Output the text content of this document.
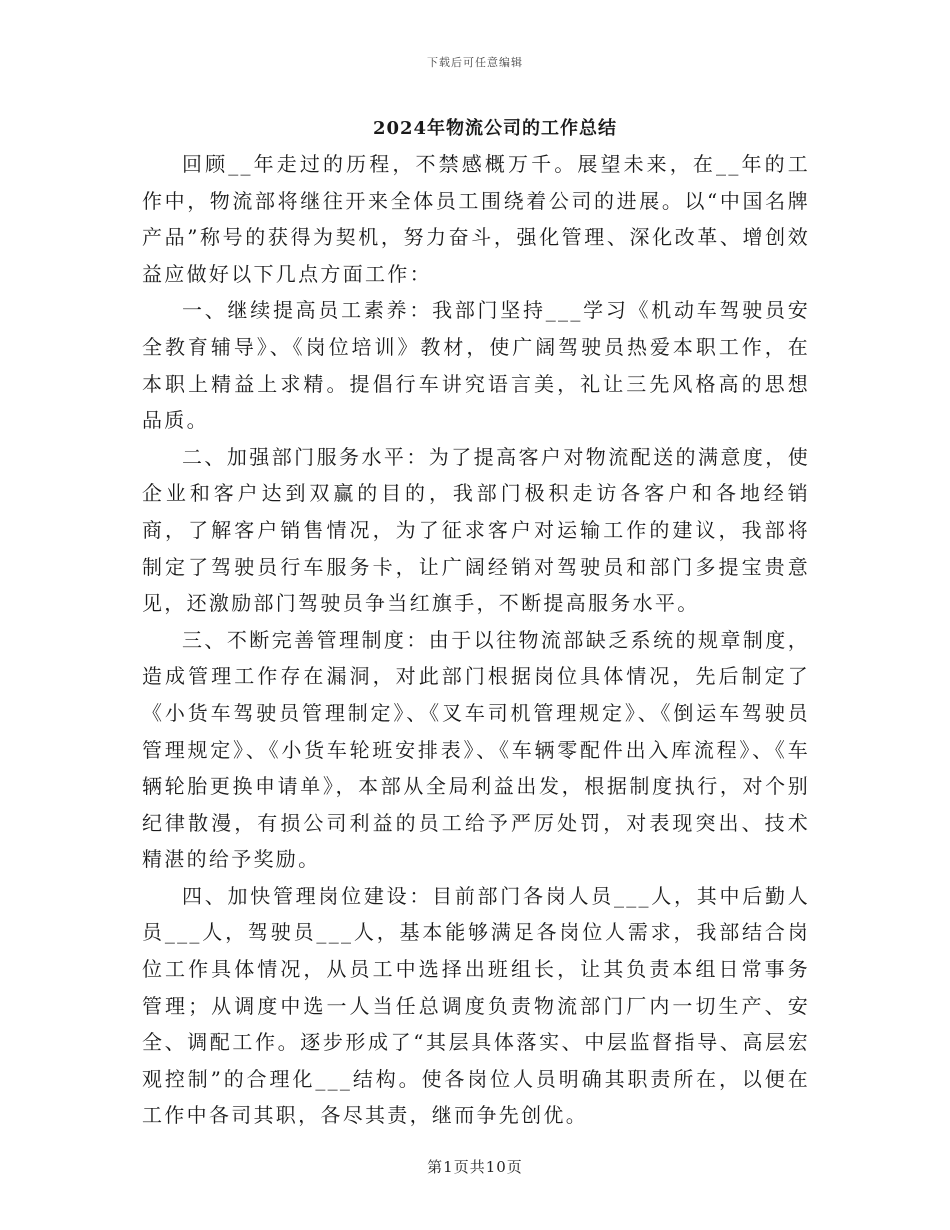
下载后可任意编辑
2024年物流公司的工作总结

回顾__年走过的历程，不禁感概万千。展望未来，在__年的工作中，物流部将继往开来全体员工围绕着公司的进展。以“中国名牌产品”称号的获得为契机，努力奋斗，强化管理、深化改革、增创效益应做好以下几点方面工作：

一、继续提高员工素养：我部门坚持___学习《机动车驾驶员安全教育辅导》、《岗位培训》教材，使广阔驾驶员热爱本职工作，在本职上精益上求精。提倡行车讲究语言美，礼让三先风格高的思想品质。

二、加强部门服务水平：为了提高客户对物流配送的满意度，使企业和客户达到双赢的目的，我部门极积走访各客户和各地经销商，了解客户销售情况，为了征求客户对运输工作的建议，我部将制定了驾驶员行车服务卡，让广阔经销对驾驶员和部门多提宝贵意见，还激励部门驾驶员争当红旗手，不断提高服务水平。

三、不断完善管理制度：由于以往物流部缺乏系统的规章制度，造成管理工作存在漏洞，对此部门根据岗位具体情况，先后制定了《小货车驾驶员管理制定》、《叉车司机管理规定》、《倒运车驾驶员管理规定》、《小货车轮班安排表》、《车辆零配件出入库流程》、《车辆轮胎更换申请单》，本部从全局利益出发，根据制度执行，对个别纪律散漫，有损公司利益的员工给予严厉处罚，对表现突出、技术精湛的给予奖励。

四、加快管理岗位建设：目前部门各岗人员___人，其中后勤人员___人，驾驶员___人，基本能够满足各岗位人需求，我部结合岗位工作具体情况，从员工中选择出班组长，让其负责本组日常事务管理；从调度中选一人当任总调度负责物流部门厂内一切生产、安全、调配工作。逐步形成了“其层具体落实、中层监督指导、高层宏观控制”的合理化___结构。使各岗位人员明确其职责所在，以便在工作中各司其职，各尽其责，继而争先创优。

第1页共10页
